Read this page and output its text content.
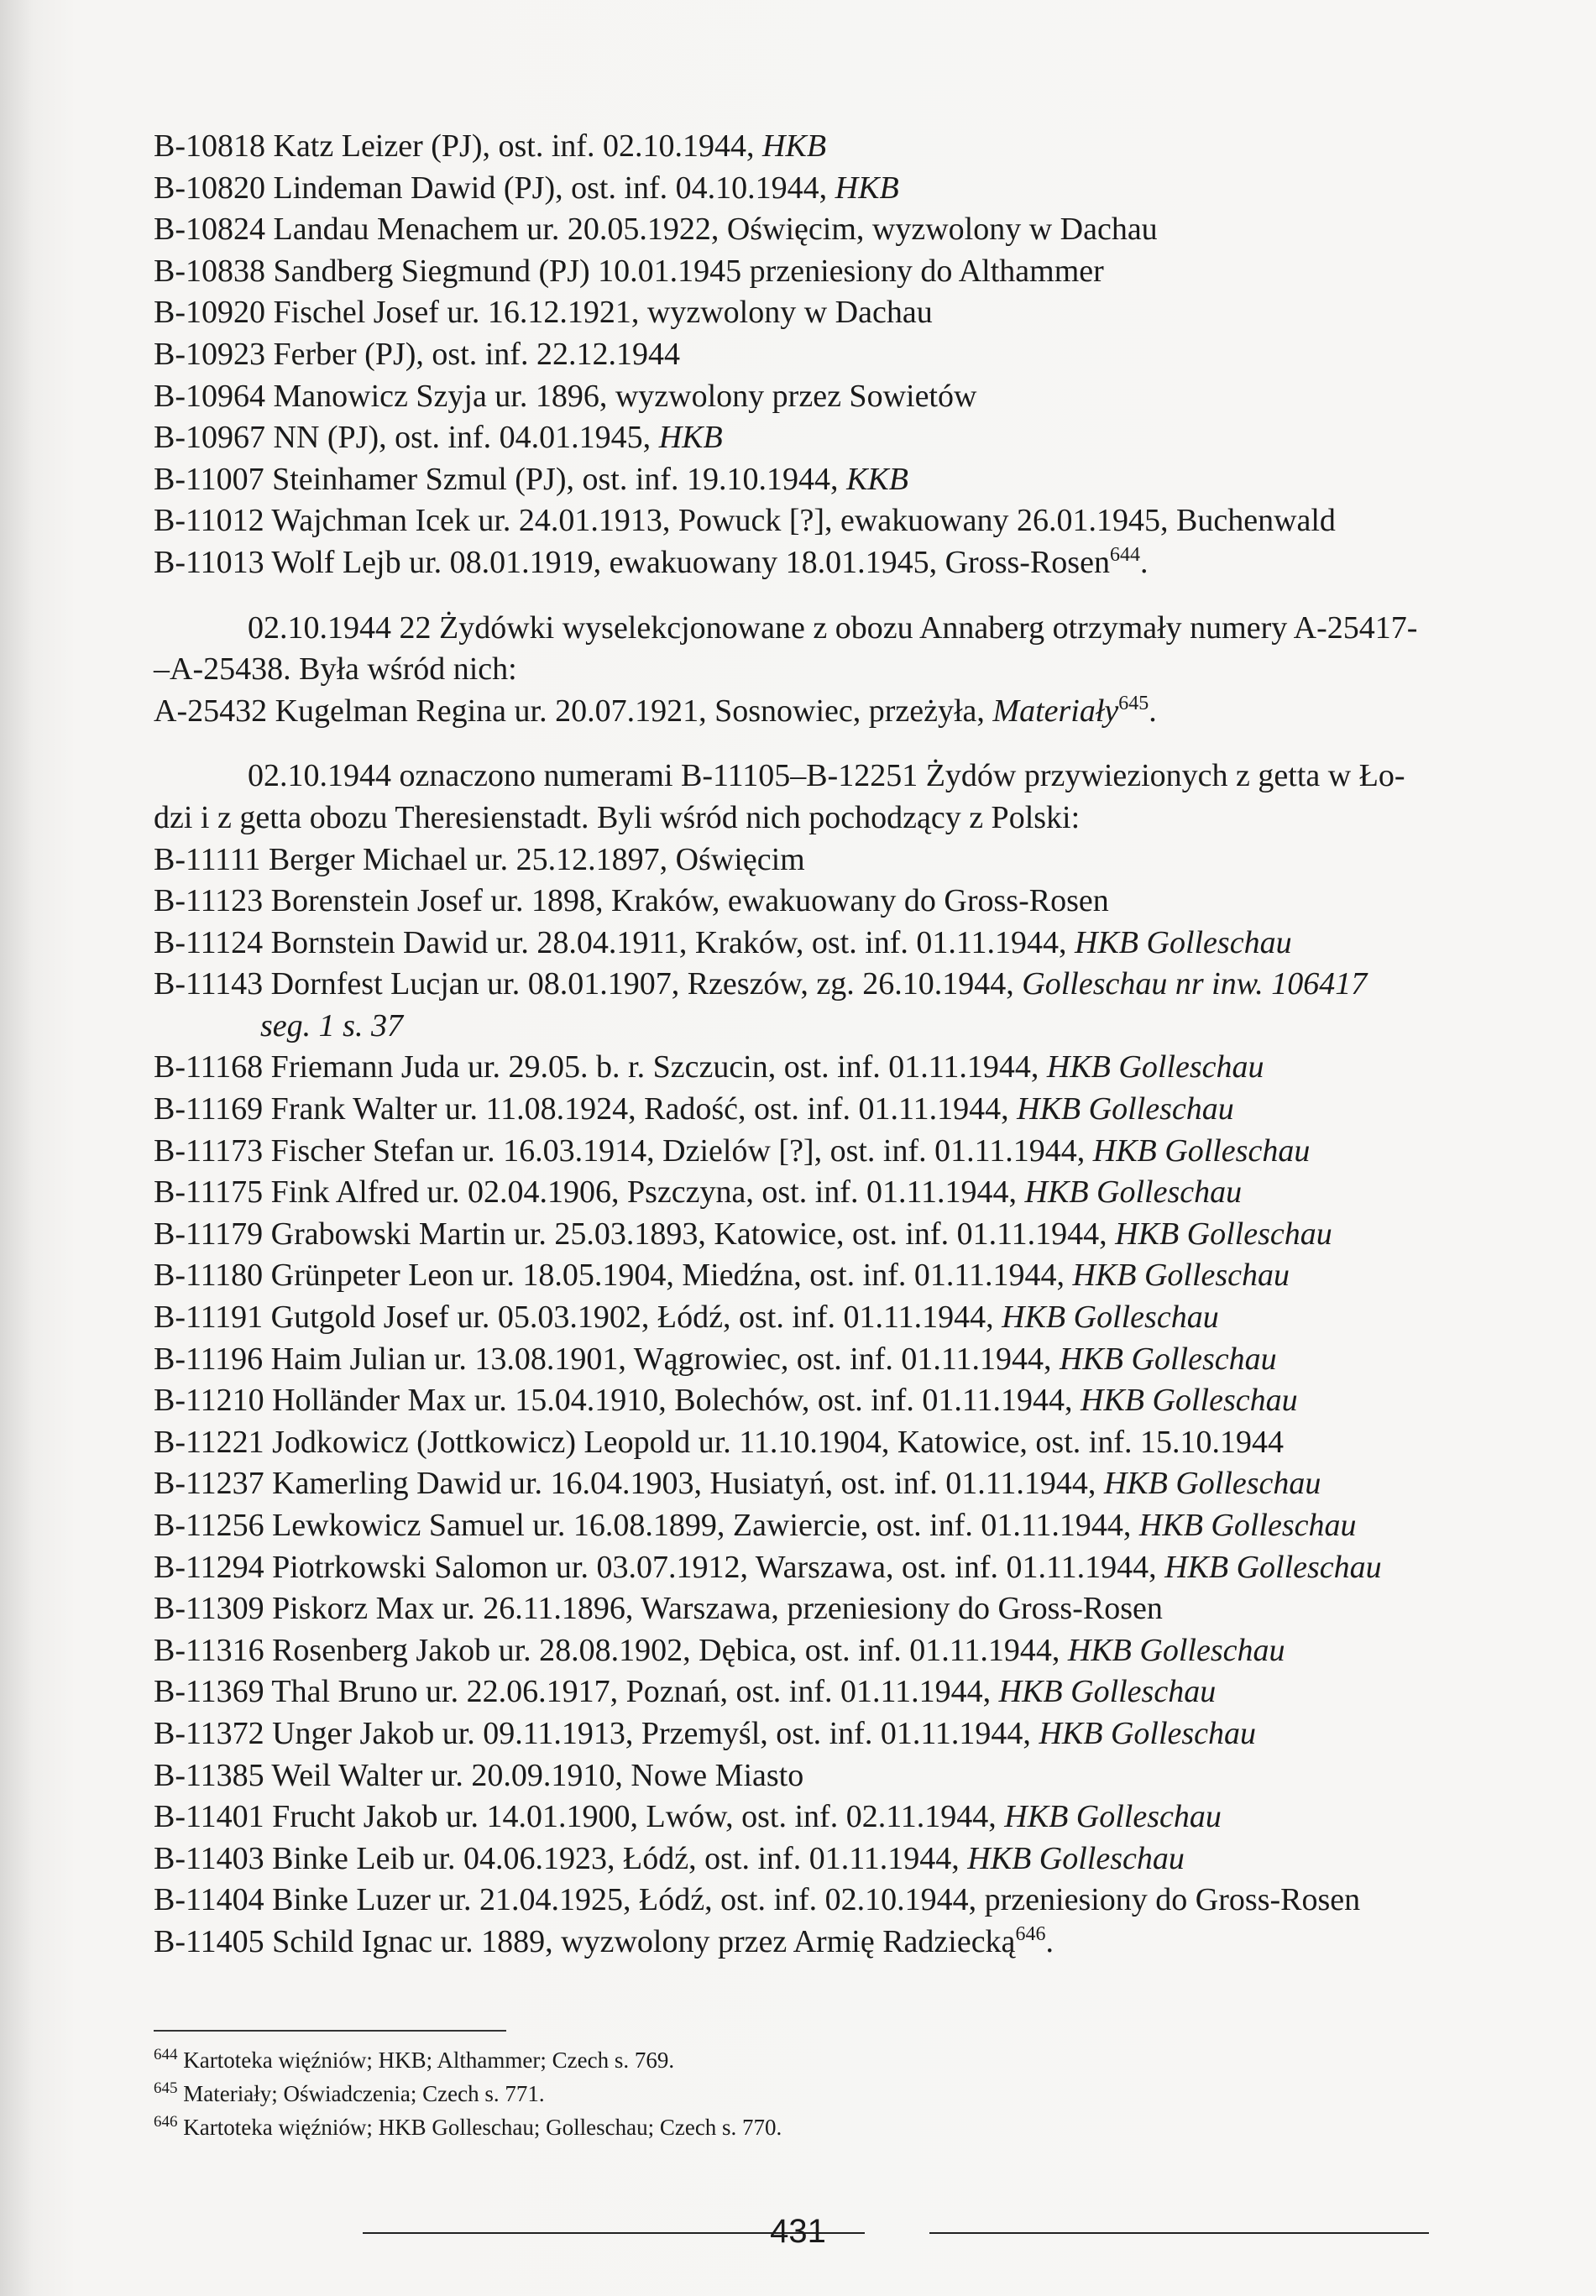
B-10818 Katz Leizer (PJ), ost. inf. 02.10.1944, HKB
B-10820 Lindeman Dawid (PJ), ost. inf. 04.10.1944, HKB
B-10824 Landau Menachem ur. 20.05.1922, Oświęcim, wyzwolony w Dachau
B-10838 Sandberg Siegmund (PJ) 10.01.1945 przeniesiony do Althammer
B-10920 Fischel Josef ur. 16.12.1921, wyzwolony w Dachau
B-10923 Ferber (PJ), ost. inf. 22.12.1944
B-10964 Manowicz Szyja ur. 1896, wyzwolony przez Sowietów
B-10967 NN (PJ), ost. inf. 04.01.1945, HKB
B-11007 Steinhamer Szmul (PJ), ost. inf. 19.10.1944, KKB
B-11012 Wajchman Icek ur. 24.01.1913, Powuck [?], ewakuowany 26.01.1945, Buchenwald
B-11013 Wolf Lejb ur. 08.01.1919, ewakuowany 18.01.1945, Gross-Rosen$^{644}$.
02.10.1944 22 Żydówki wyselekcjonowane z obozu Annaberg otrzymały numery A-25417-
–A-25438. Była wśród nich:
A-25432 Kugelman Regina ur. 20.07.1921, Sosnowiec, przeżyła, Materiały$^{645}$.
02.10.1944 oznaczono numerami B-11105–B-12251 Żydów przywiezionych z getta w Ło-
dzi i z getta obozu Theresienstadt. Byli wśród nich pochodzący z Polski:
B-11111 Berger Michael ur. 25.12.1897, Oświęcim
B-11123 Borenstein Josef ur. 1898, Kraków, ewakuowany do Gross-Rosen
B-11124 Bornstein Dawid ur. 28.04.1911, Kraków, ost. inf. 01.11.1944, HKB Golleschau
B-11143 Dornfest Lucjan ur. 08.01.1907, Rzeszów, zg. 26.10.1944, Golleschau nr inw. 106417
seg. 1 s. 37
B-11168 Friemann Juda ur. 29.05. b. r. Szczucin, ost. inf. 01.11.1944, HKB Golleschau
B-11169 Frank Walter ur. 11.08.1924, Radość, ost. inf. 01.11.1944, HKB Golleschau
B-11173 Fischer Stefan ur. 16.03.1914, Dzielów [?], ost. inf. 01.11.1944, HKB Golleschau
B-11175 Fink Alfred ur. 02.04.1906, Pszczyna, ost. inf. 01.11.1944, HKB Golleschau
B-11179 Grabowski Martin ur. 25.03.1893, Katowice, ost. inf. 01.11.1944, HKB Golleschau
B-11180 Grünpeter Leon ur. 18.05.1904, Miedźna, ost. inf. 01.11.1944, HKB Golleschau
B-11191 Gutgold Josef ur. 05.03.1902, Łódź, ost. inf. 01.11.1944, HKB Golleschau
B-11196 Haim Julian ur. 13.08.1901, Wągrowiec, ost. inf. 01.11.1944, HKB Golleschau
B-11210 Holländer Max ur. 15.04.1910, Bolechów, ost. inf. 01.11.1944, HKB Golleschau
B-11221 Jodkowicz (Jottkowicz) Leopold ur. 11.10.1904, Katowice, ost. inf. 15.10.1944
B-11237 Kamerling Dawid ur. 16.04.1903, Husiatyń, ost. inf. 01.11.1944, HKB Golleschau
B-11256 Lewkowicz Samuel ur. 16.08.1899, Zawiercie, ost. inf. 01.11.1944, HKB Golleschau
B-11294 Piotrkowski Salomon ur. 03.07.1912, Warszawa, ost. inf. 01.11.1944, HKB Golleschau
B-11309 Piskorz Max ur. 26.11.1896, Warszawa, przeniesiony do Gross-Rosen
B-11316 Rosenberg Jakob ur. 28.08.1902, Dębica, ost. inf. 01.11.1944, HKB Golleschau
B-11369 Thal Bruno ur. 22.06.1917, Poznań, ost. inf. 01.11.1944, HKB Golleschau
B-11372 Unger Jakob ur. 09.11.1913, Przemyśl, ost. inf. 01.11.1944, HKB Golleschau
B-11385 Weil Walter ur. 20.09.1910, Nowe Miasto
B-11401 Frucht Jakob ur. 14.01.1900, Lwów, ost. inf. 02.11.1944, HKB Golleschau
B-11403 Binke Leib ur. 04.06.1923, Łódź, ost. inf. 01.11.1944, HKB Golleschau
B-11404 Binke Luzer ur. 21.04.1925, Łódź, ost. inf. 02.10.1944, przeniesiony do Gross-Rosen
B-11405 Schild Ignac ur. 1889, wyzwolony przez Armię Radziecką$^{646}$.
$^{644}$ Kartoteka więźniów; HKB; Althammer; Czech s. 769.
$^{645}$ Materiały; Oświadczenia; Czech s. 771.
$^{646}$ Kartoteka więźniów; HKB Golleschau; Golleschau; Czech s. 770.
431
